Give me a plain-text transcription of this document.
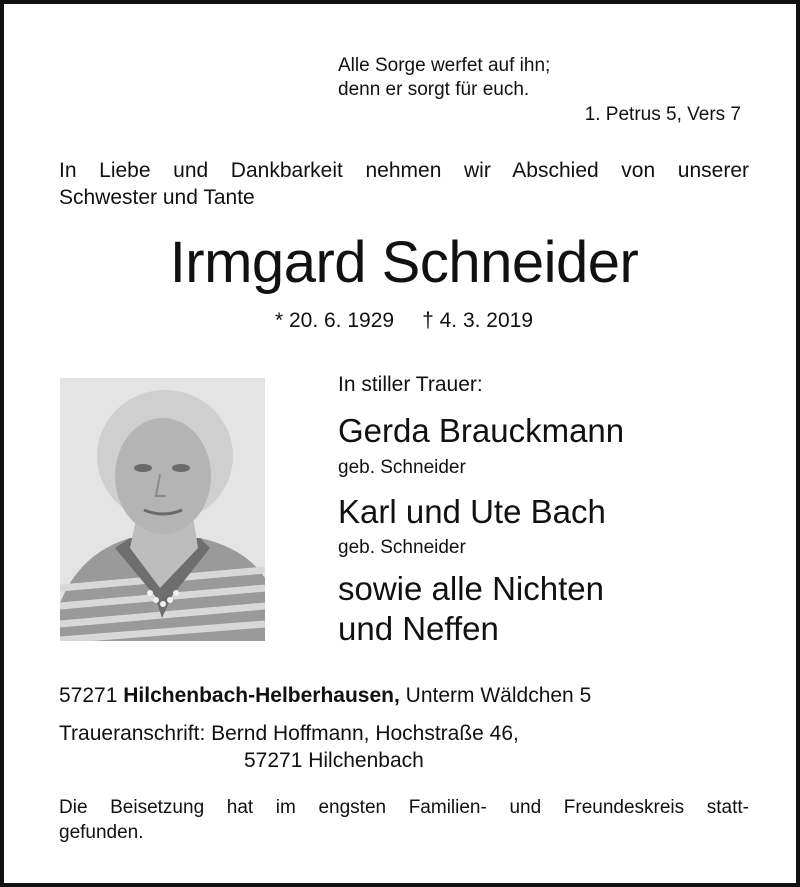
Alle Sorge werfet auf ihn;
denn er sorgt für euch.
1. Petrus 5, Vers 7
In Liebe und Dankbarkeit nehmen wir Abschied von unserer
Schwester und Tante
Irmgard Schneider
* 20. 6. 1929 † 4. 3. 2019
In stiller Trauer:
Gerda Brauckmann
geb. Schneider
Karl und Ute Bach
geb. Schneider
sowie alle Nichten
und Neffen
57271 Hilchenbach-Helberhausen, Unterm Wäldchen 5
Traueranschrift: Bernd Hoffmann, Hochstraße 46,
57271 Hilchenbach
Die Beisetzung hat im engsten Familien- und Freundeskreis statt-
gefunden.
